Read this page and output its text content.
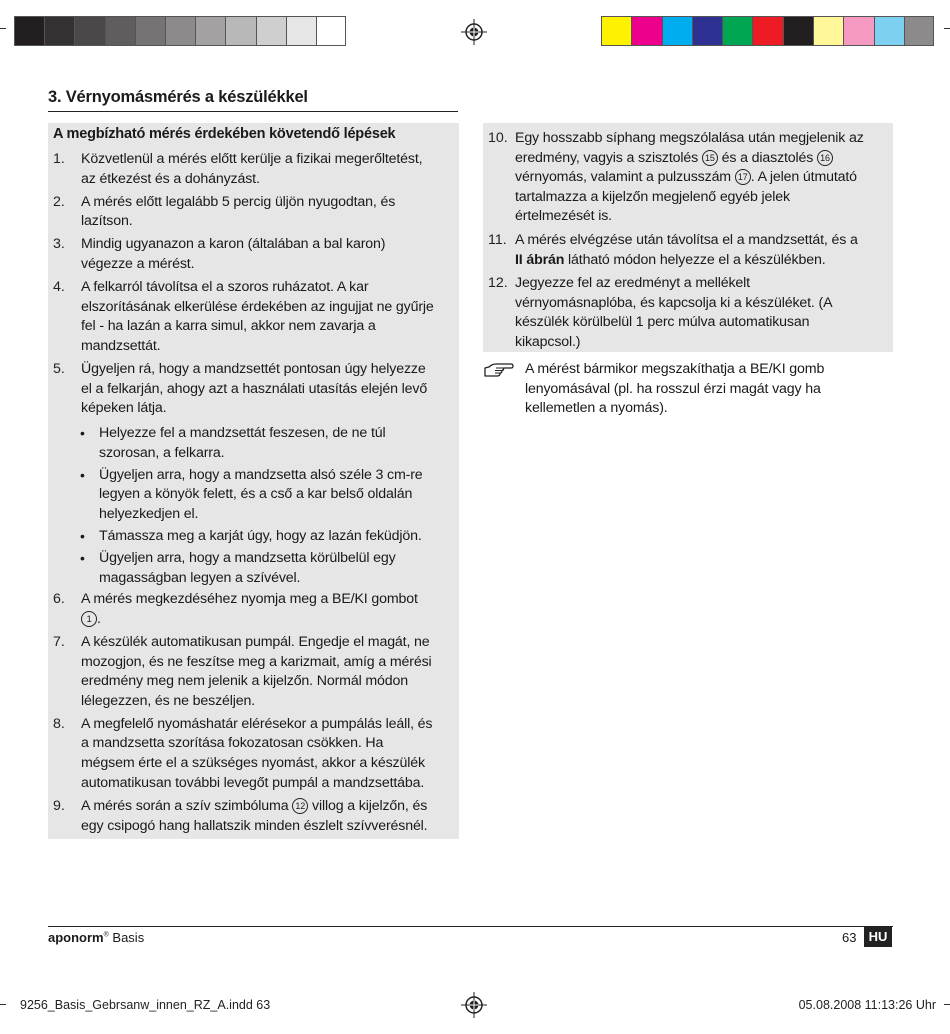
3. Vérnyomásmérés a készülékkel
A megbízható mérés érdekében követendő lépések
1.	Közvetlenül a mérés előtt kerülje a fizikai megerőltetést,
az étkezést és a dohányzást.
2.	A mérés előtt legalább 5 percig üljön nyugodtan, és
lazítson.
3.	Mindig ugyanazon a karon (általában a bal karon)
végezze a mérést.
4.	A felkarról távolítsa el a szoros ruházatot. A kar
elszorításának elkerülése érdekében az ingujjat ne gyűrje
fel - ha lazán a karra simul, akkor nem zavarja a
mandzsettát.
5.	Ügyeljen rá, hogy a mandzsettét pontosan úgy helyezze
el a felkarján, ahogy azt a használati utasítás elején levő
képeken látja.
• Helyezze fel a mandzsettát feszesen, de ne túl
szorosan, a felkarra.
• Ügyeljen arra, hogy a mandzsetta alsó széle 3 cm-re
legyen a könyök felett, és a cső a kar belső oldalán
helyezkedjen el.
• Támassza meg a karját úgy, hogy az lazán feküdjön.
• Ügyeljen arra, hogy a mandzsetta körülbelül egy
magasságban legyen a szívével.
6.	A mérés megkezdéséhez nyomja meg a BE/KI gombot
1 .
7.	A készülék automatikusan pumpál. Engedje el magát, ne
mozogjon, és ne feszítse meg a karizmait, amíg a mérési
eredmény meg nem jelenik a kijelzőn. Normál módon
lélegezzen, és ne beszéljen.
8.	A megfelelő nyomáshatár elérésekor a pumpálás leáll, és
a mandzsetta szorítása fokozatosan csökken. Ha
mégsem érte el a szükséges nyomást, akkor a készülék
automatikusan további levegőt pumpál a mandzsettába.
9.	A mérés során a szív szimbóluma 12 villog a kijelzőn, és
egy csipogó hang hallatszik minden észlelt szívverésnél.
10. Egy hosszabb síphang megszólalása után megjelenik az
eredmény, vagyis a szisztolés 15 és a diasztolés 16
vérnyomás, valamint a pulzusszám 17 . A jelen útmutató
tartalmazza a kijelzőn megjelenő egyéb jelek
értelmezését is.
11. A mérés elvégzése után távolítsa el a mandzsettát, és a
II ábrán látható módon helyezze el a készülékben.
12. Jegyezze fel az eredményt a mellékelt
vérnyomásnaplóba, és kapcsolja ki a készüléket. (A
készülék körülbelül 1 perc múlva automatikusan
kikapcsol.)
A mérést bármikor megszakíthatja a BE/KI gomb
lenyomásával (pl. ha rosszul érzi magát vagy ha
kellemetlen a nyomás).
aponorm® Basis	63 HU
9256_Basis_Gebrsanw_innen_RZ_A.indd 63	05.08.2008 11:13:26 Uhr
